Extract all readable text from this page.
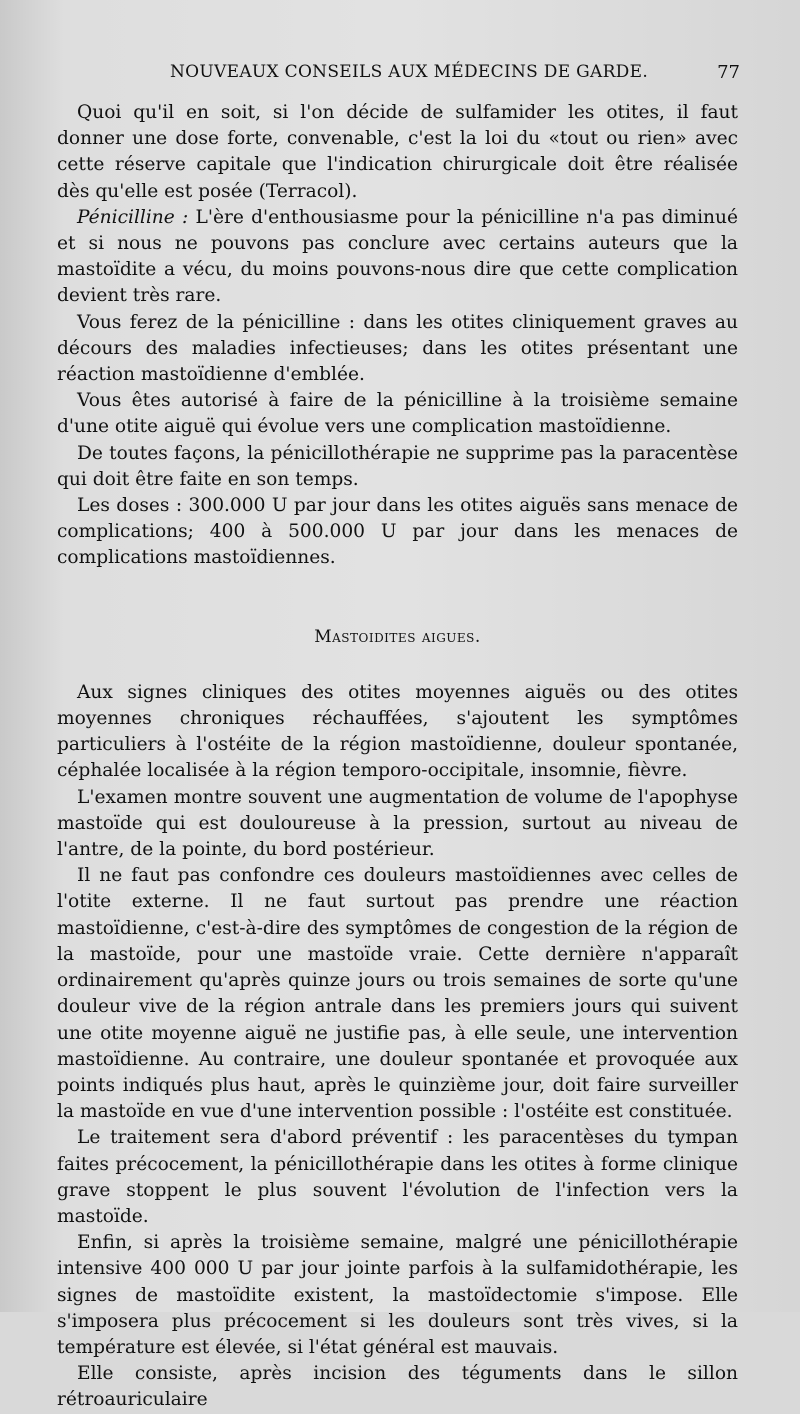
NOUVEAUX CONSEILS AUX MÉDECINS DE GARDE.	77

Quoi qu'il en soit, si l'on décide de sulfamider les otites, il faut donner une dose forte, convenable, c'est la loi du «tout ou rien» avec cette réserve capitale que l'indication chirurgicale doit être réalisée dès qu'elle est posée (Terracol).

Pénicilline : L'ère d'enthousiasme pour la pénicilline n'a pas diminué et si nous ne pouvons pas conclure avec certains auteurs que la mastoïdite a vécu, du moins pouvons-nous dire que cette complication devient très rare.

Vous ferez de la pénicilline : dans les otites cliniquement graves au décours des maladies infectieuses; dans les otites présentant une réaction mastoïdienne d'emblée.

Vous êtes autorisé à faire de la pénicilline à la troisième semaine d'une otite aiguë qui évolue vers une complication mastoïdienne.

De toutes façons, la pénicillothérapie ne supprime pas la paracentèse qui doit être faite en son temps.

Les doses : 300.000 U par jour dans les otites aiguës sans menace de complications; 400 à 500.000 U par jour dans les menaces de complications mastoïdiennes.

Mastoidites aigues.

Aux signes cliniques des otites moyennes aiguës ou des otites moyennes chroniques réchauffées, s'ajoutent les symptômes particuliers à l'ostéite de la région mastoïdienne, douleur spontanée, céphalée localisée à la région temporo-occipitale, insomnie, fièvre.

L'examen montre souvent une augmentation de volume de l'apophyse mastoïde qui est douloureuse à la pression, surtout au niveau de l'antre, de la pointe, du bord postérieur.

Il ne faut pas confondre ces douleurs mastoïdiennes avec celles de l'otite externe. Il ne faut surtout pas prendre une réaction mastoïdienne, c'est-à-dire des symptômes de congestion de la région de la mastoïde, pour une mastoïde vraie. Cette dernière n'apparaît ordinairement qu'après quinze jours ou trois semaines de sorte qu'une douleur vive de la région antrale dans les premiers jours qui suivent une otite moyenne aiguë ne justifie pas, à elle seule, une intervention mastoïdienne. Au contraire, une douleur spontanée et provoquée aux points indiqués plus haut, après le quinzième jour, doit faire surveiller la mastoïde en vue d'une intervention possible : l'ostéite est constituée.

Le traitement sera d'abord préventif : les paracentèses du tympan faites précocement, la pénicillothérapie dans les otites à forme clinique grave stoppent le plus souvent l'évolution de l'infection vers la mastoïde.

Enfin, si après la troisième semaine, malgré une pénicillothérapie intensive 400 000 U par jour jointe parfois à la sulfamidothérapie, les signes de mastoïdite existent, la mastoïdectomie s'impose. Elle s'imposera plus précocement si les douleurs sont très vives, si la température est élevée, si l'état général est mauvais.

Elle consiste, après incision des téguments dans le sillon rétroauriculaire
